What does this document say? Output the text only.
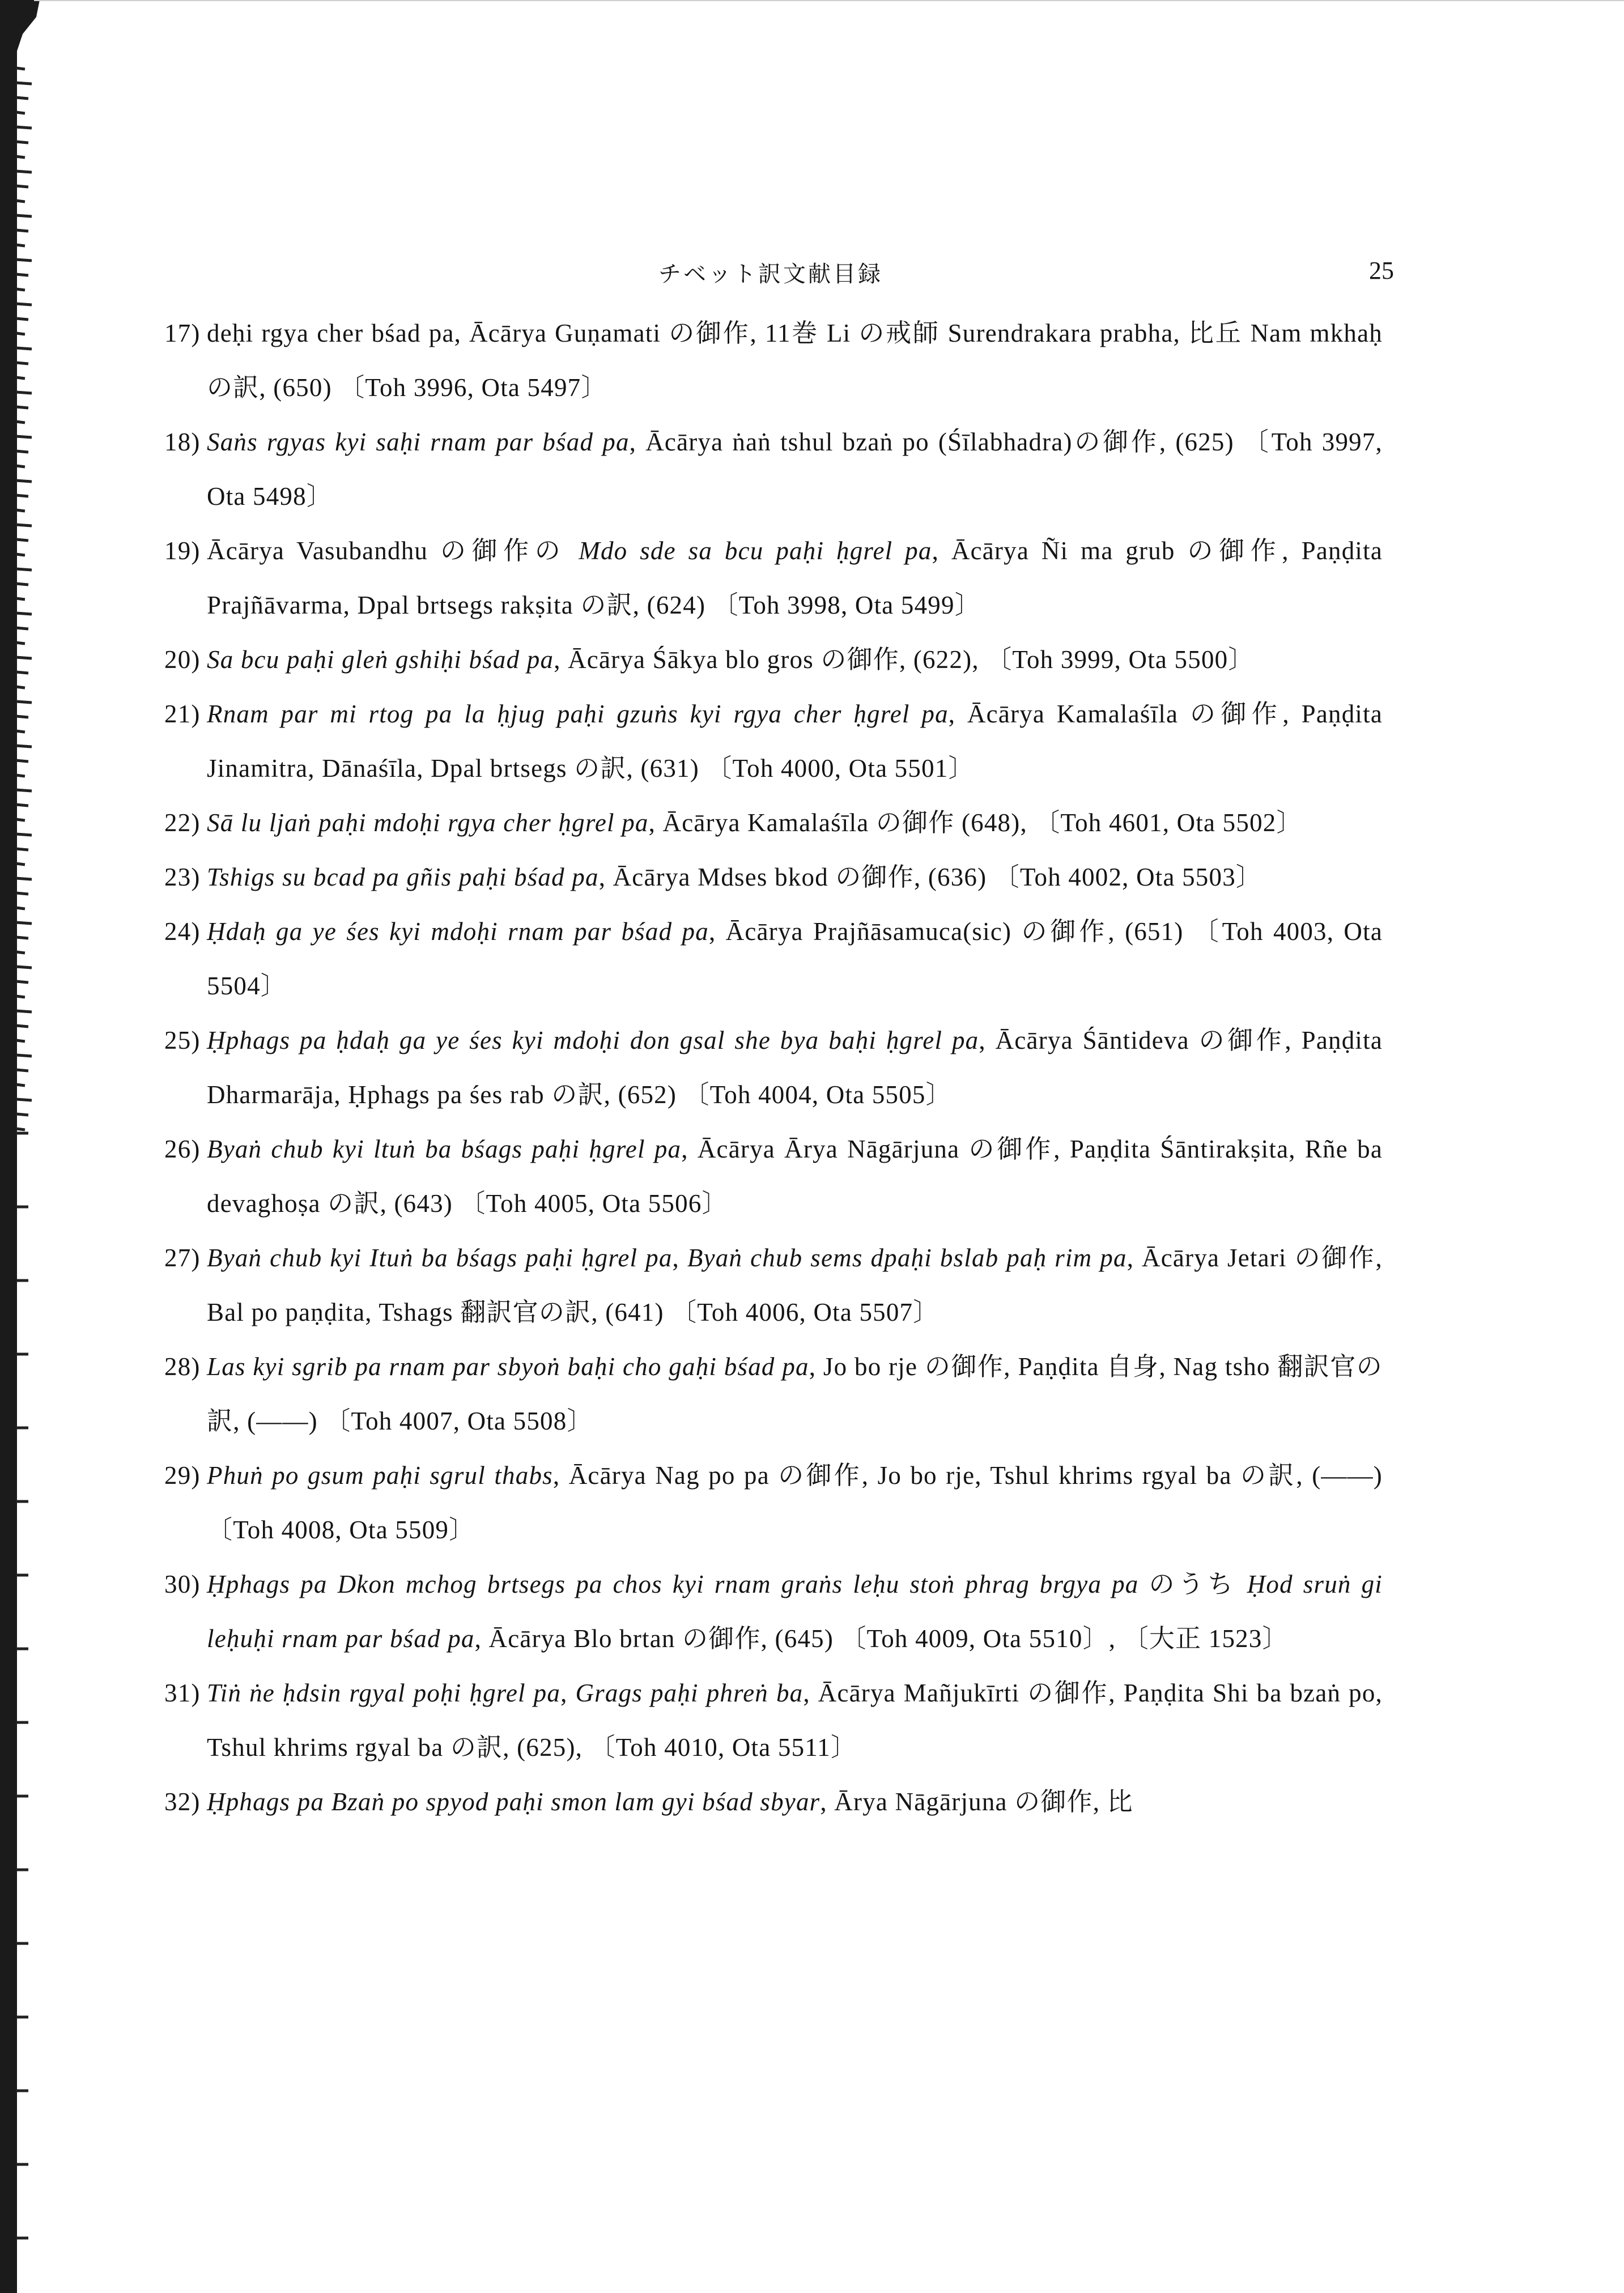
チベット訳文献目録	25

17) deḥi rgya cher bśad pa, Ācārya Guṇamati の御作, 11巻 Li の戒師 Surendrakara prabha, 比丘 Nam mkhaḥ の訳, (650) 〔Toh 3996, Ota 5497〕

18) Saṅs rgyas kyi saḥi rnam par bśad pa, Ācārya ṅaṅ tshul bzaṅ po (Śīlabhadra)の御作, (625) 〔Toh 3997, Ota 5498〕

19) Ācārya Vasubandhu の御作の Mdo sde sa bcu paḥi ḥgrel pa, Ācārya Ñi ma grub の御作, Paṇḍita Prajñāvarma, Dpal brtsegs rakṣita の訳, (624) 〔Toh 3998, Ota 5499〕

20) Sa bcu paḥi gleṅ gshiḥi bśad pa, Ācārya Śākya blo gros の御作, (622), 〔Toh 3999, Ota 5500〕

21) Rnam par mi rtog pa la ḥjug paḥi gzuṅs kyi rgya cher ḥgrel pa, Ācārya Kamalaśīla の御作, Paṇḍita Jinamitra, Dānaśīla, Dpal brtsegs の訳, (631) 〔Toh 4000, Ota 5501〕

22) Sā lu ljaṅ paḥi mdoḥi rgya cher ḥgrel pa, Ācārya Kamalaśīla の御作 (648), 〔Toh 4601, Ota 5502〕

23) Tshigs su bcad pa gñis paḥi bśad pa, Ācārya Mdses bkod の御作, (636) 〔Toh 4002, Ota 5503〕

24) Ḥdaḥ ga ye śes kyi mdoḥi rnam par bśad pa, Ācārya Prajñāsamuca(sic) の御作, (651) 〔Toh 4003, Ota 5504〕

25) Ḥphags pa ḥdaḥ ga ye śes kyi mdoḥi don gsal she bya baḥi ḥgrel pa, Ācārya Śāntideva の御作, Paṇḍita Dharmarāja, Ḥphags pa śes rab の訳, (652) 〔Toh 4004, Ota 5505〕

26) Byaṅ chub kyi ltuṅ ba bśags paḥi ḥgrel pa, Ācārya Ārya Nāgārjuna の御作, Paṇḍita Śāntirakṣita, Rñe ba devaghoṣa の訳, (643) 〔Toh 4005, Ota 5506〕

27) Byaṅ chub kyi Ituṅ ba bśags paḥi ḥgrel pa, Byaṅ chub sems dpaḥi bslab paḥ rim pa, Ācārya Jetari の御作, Bal po paṇḍita, Tshags 翻訳官の訳, (641) 〔Toh 4006, Ota 5507〕

28) Las kyi sgrib pa rnam par sbyoṅ baḥi cho gaḥi bśad pa, Jo bo rje の御作, Paṇḍita 自身, Nag tsho 翻訳官の訳, (——) 〔Toh 4007, Ota 5508〕

29) Phuṅ po gsum paḥi sgrul thabs, Ācārya Nag po pa の御作, Jo bo rje, Tshul khrims rgyal ba の訳, (——)〔Toh 4008, Ota 5509〕

30) Ḥphags pa Dkon mchog brtsegs pa chos kyi rnam graṅs leḥu stoṅ phrag brgya pa のうち Ḥod sruṅ gi leḥuḥi rnam par bśad pa, Ācārya Blo brtan の御作, (645) 〔Toh 4009, Ota 5510〕, 〔大正 1523〕

31) Tiṅ ṅe ḥdsin rgyal poḥi ḥgrel pa, Grags paḥi phreṅ ba, Ācārya Mañjukīrti の御作, Paṇḍita Shi ba bzaṅ po, Tshul khrims rgyal ba の訳, (625), 〔Toh 4010, Ota 5511〕

32) Ḥphags pa Bzaṅ po spyod paḥi smon lam gyi bśad sbyar, Ārya Nāgārjuna の御作, 比
